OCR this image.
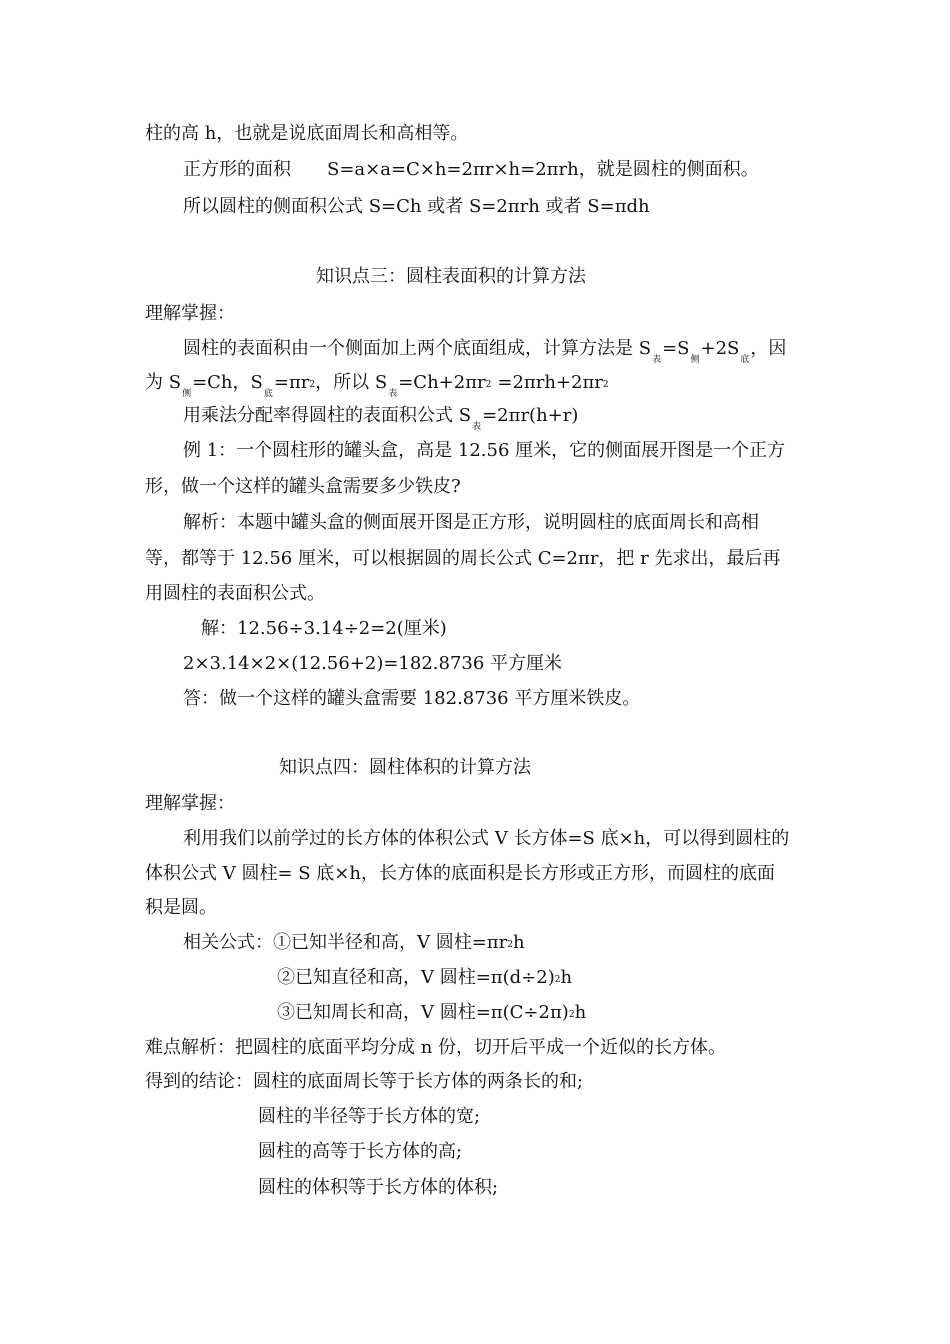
柱的高 h，也就是说底面周长和高相等。
正方形的面积 S=a×a=C×h=2πr×h=2πrh，就是圆柱的侧面积。
所以圆柱的侧面积公式 S=Ch 或者 S=2πrh 或者 S=πdh
知识点三：圆柱表面积的计算方法
理解掌握：
圆柱的表面积由一个侧面加上两个底面组成，计算方法是 $S_表=S_侧+2S_底$，因
为 $S_侧=Ch$，$S_底=\pi r2$，所以 $S_表=Ch+2\pi r2 =2\pi rh+2\pi r2$
用乘法分配率得圆柱的表面积公式 $S_表=2\pi r(h+r)$
例 1：一个圆柱形的罐头盒，高是 12.56 厘米，它的侧面展开图是一个正方
形，做一个这样的罐头盒需要多少铁皮?
解析：本题中罐头盒的侧面展开图是正方形，说明圆柱的底面周长和高相
等，都等于 12.56 厘米，可以根据圆的周长公式 C=2πr，把 r 先求出，最后再
用圆柱的表面积公式。
解：12.56÷3.14÷2=2(厘米)
2×3.14×2×(12.56+2)=182.8736 平方厘米
答：做一个这样的罐头盒需要 182.8736 平方厘米铁皮。
知识点四：圆柱体积的计算方法
理解掌握：
利用我们以前学过的长方体的体积公式 V 长方体=S 底×h，可以得到圆柱的
体积公式 V 圆柱= S 底×h，长方体的底面积是长方形或正方形，而圆柱的底面
积是圆。
相关公式：①已知半径和高，V 圆柱=πr2h
②已知直径和高，V 圆柱=π(d÷2)2h
③已知周长和高，V 圆柱=π(C÷2π)2h
难点解析：把圆柱的底面平均分成 n 份，切开后平成一个近似的长方体。
得到的结论：圆柱的底面周长等于长方体的两条长的和;
圆柱的半径等于长方体的宽;
圆柱的高等于长方体的高;
圆柱的体积等于长方体的体积;
